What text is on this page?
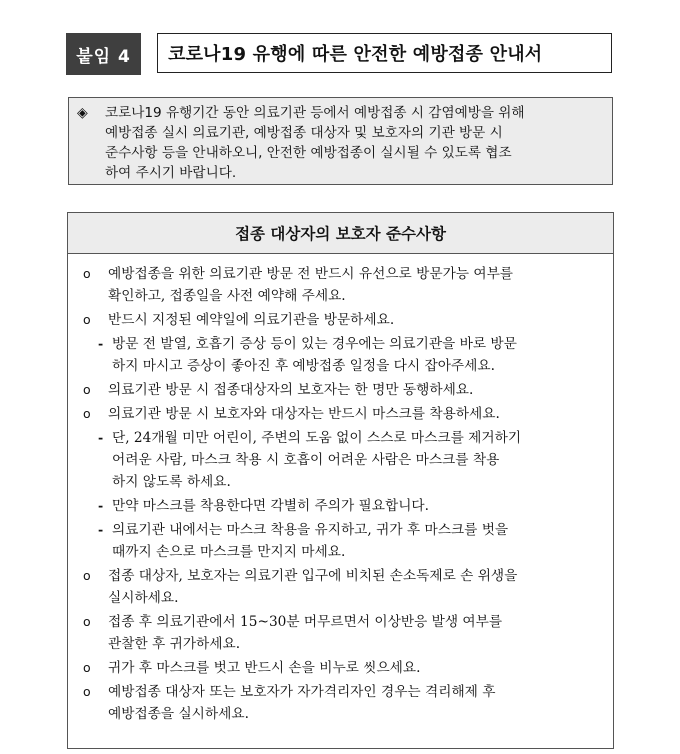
붙임 4	코로나19 유행에 따른 안전한 예방접종 안내서
◈ 코로나19 유행기간 동안 의료기관 등에서 예방접종 시 감염예방을 위해
예방접종 실시 의료기관, 예방접종 대상자 및 보호자의 기관 방문 시
준수사항 등을 안내하오니, 안전한 예방접종이 실시될 수 있도록 협조
하여 주시기 바랍니다.
접종 대상자의 보호자 준수사항
o 예방접종을 위한 의료기관 방문 전 반드시 유선으로 방문가능 여부를
확인하고, 접종일을 사전 예약해 주세요.
o 반드시 지정된 예약일에 의료기관을 방문하세요.
- 방문 전 발열, 호흡기 증상 등이 있는 경우에는 의료기관을 바로 방문
하지 마시고 증상이 좋아진 후 예방접종 일정을 다시 잡아주세요.
o 의료기관 방문 시 접종대상자의 보호자는 한 명만 동행하세요.
o 의료기관 방문 시 보호자와 대상자는 반드시 마스크를 착용하세요.
- 단, 24개월 미만 어린이, 주변의 도움 없이 스스로 마스크를 제거하기
어려운 사람, 마스크 착용 시 호흡이 어려운 사람은 마스크를 착용
하지 않도록 하세요.
- 만약 마스크를 착용한다면 각별히 주의가 필요합니다.
- 의료기관 내에서는 마스크 착용을 유지하고, 귀가 후 마스크를 벗을
때까지 손으로 마스크를 만지지 마세요.
o 접종 대상자, 보호자는 의료기관 입구에 비치된 손소독제로 손 위생을
실시하세요.
o 접종 후 의료기관에서 15~30분 머무르면서 이상반응 발생 여부를
관찰한 후 귀가하세요.
o 귀가 후 마스크를 벗고 반드시 손을 비누로 씻으세요.
o 예방접종 대상자 또는 보호자가 자가격리자인 경우는 격리해제 후
예방접종을 실시하세요.
